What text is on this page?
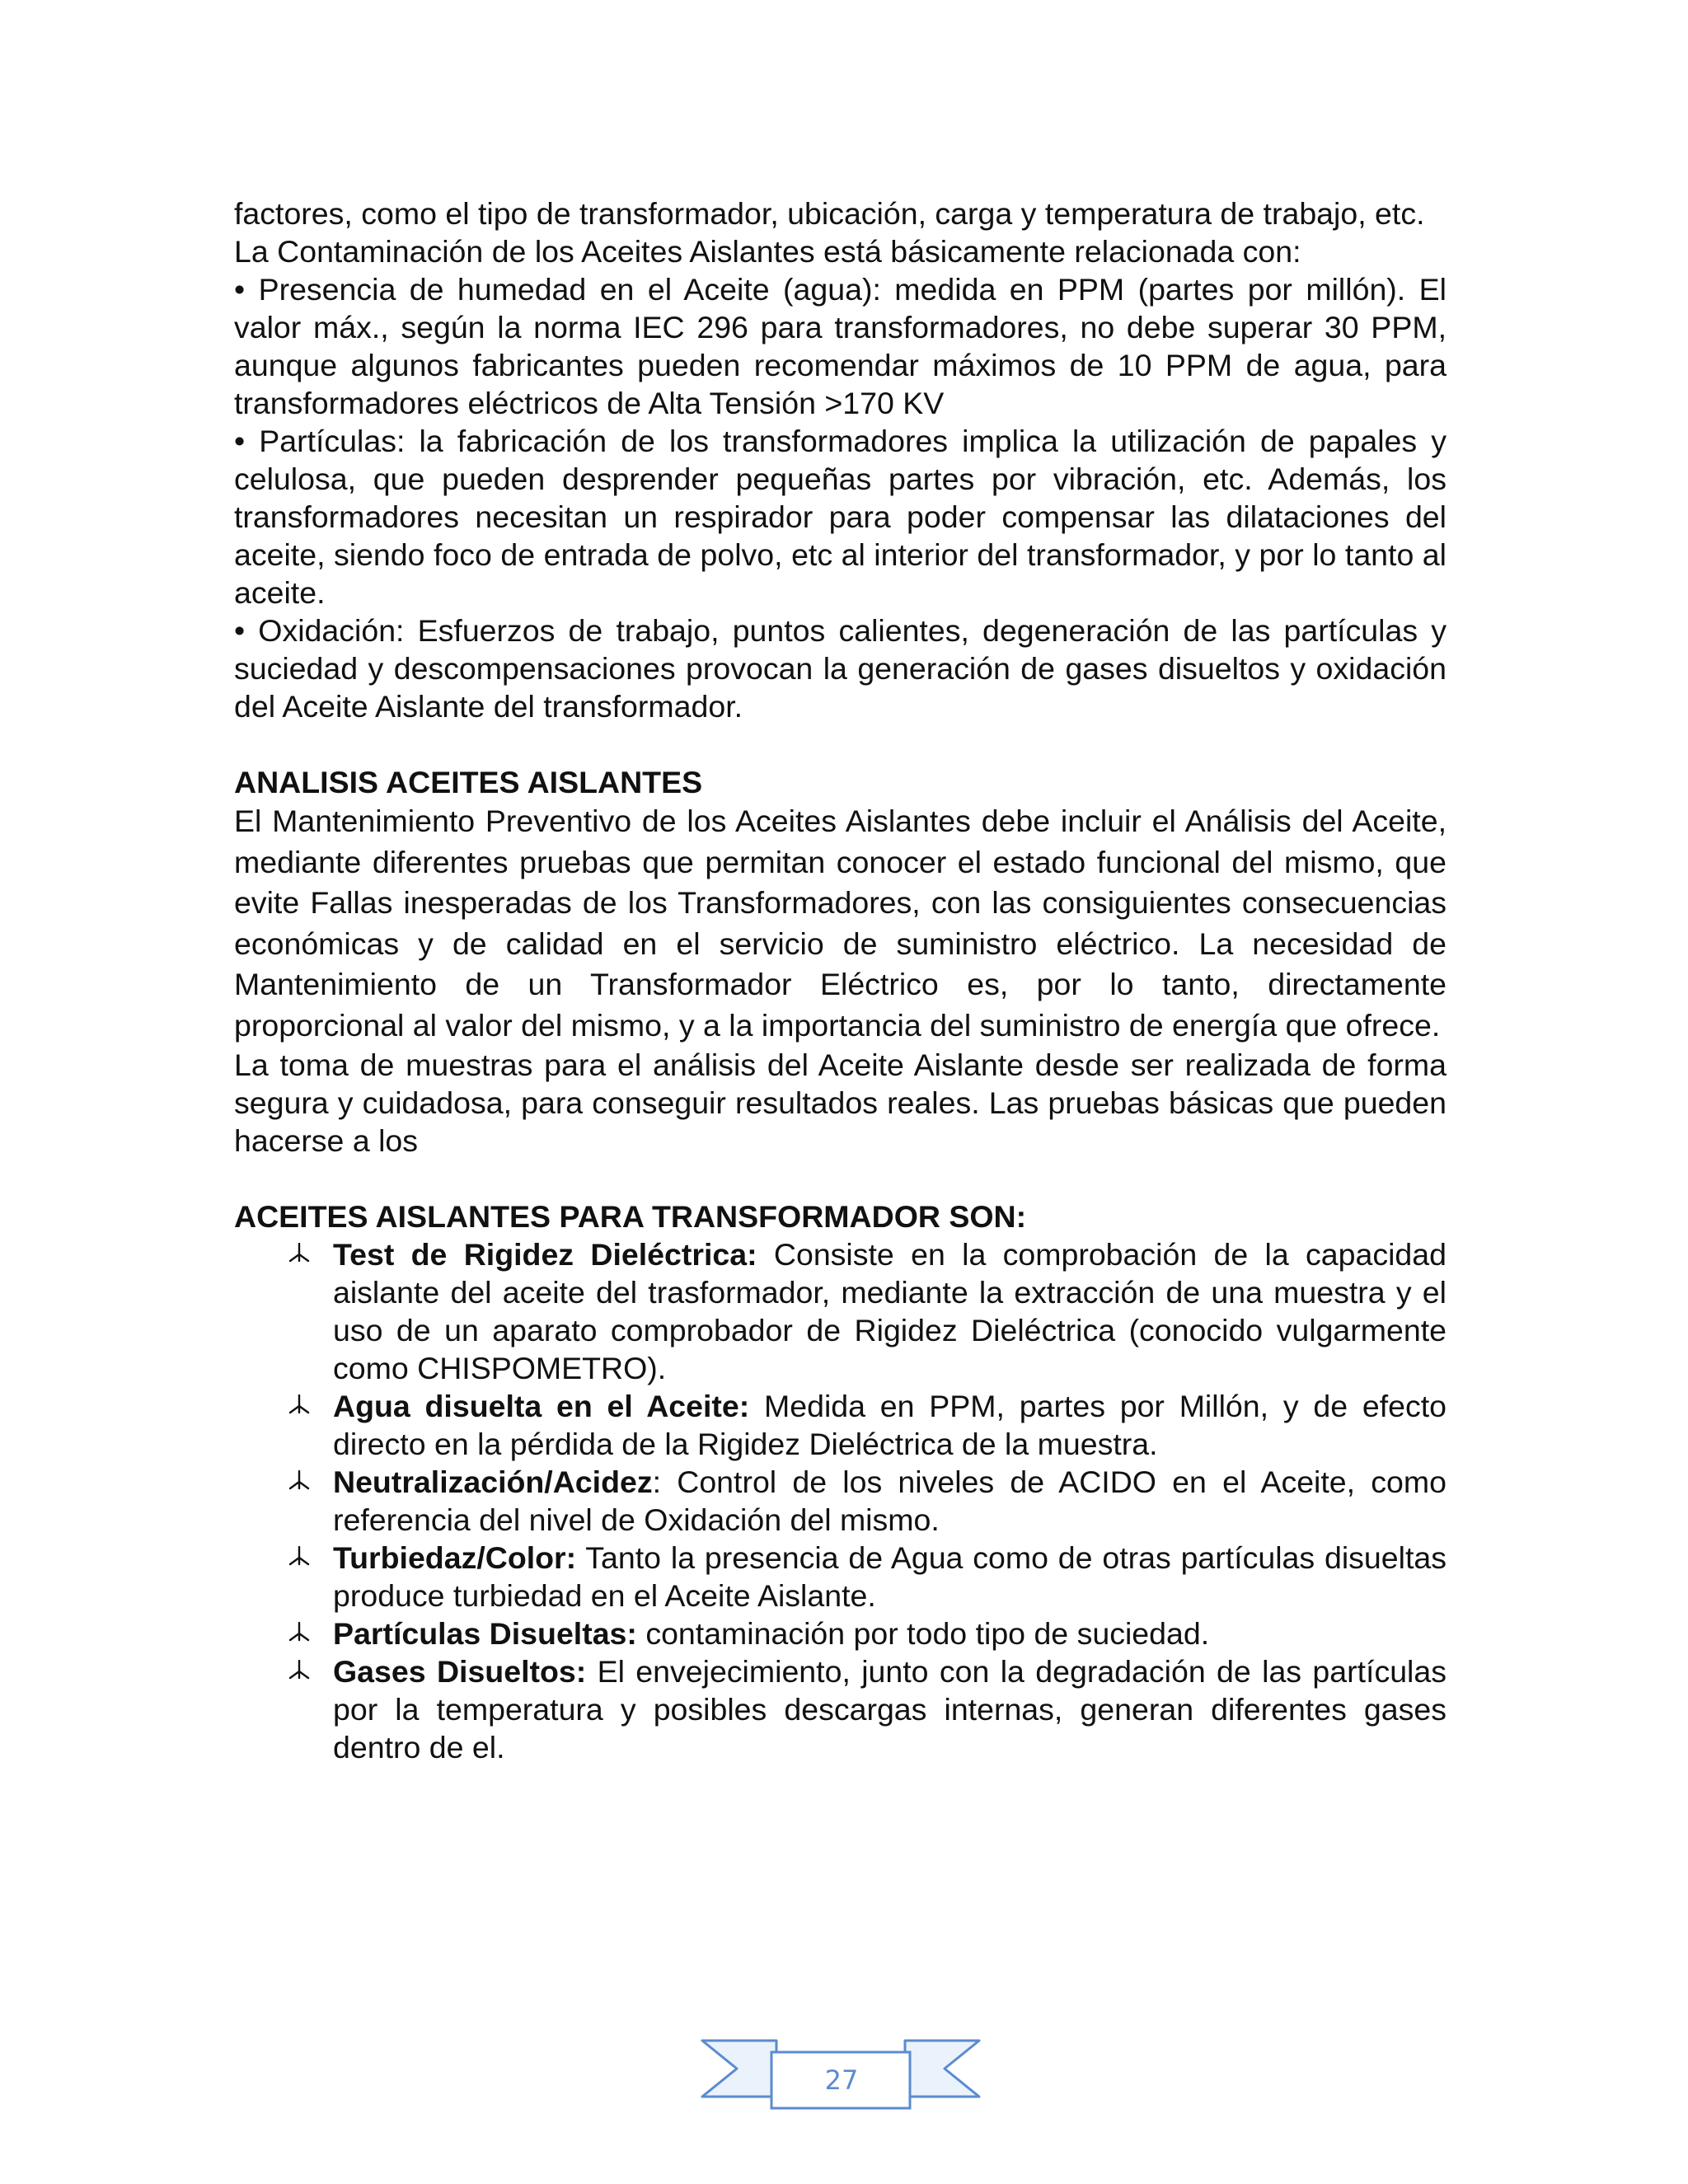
factores, como el tipo de transformador, ubicación, carga y temperatura de trabajo, etc.

La Contaminación de los Aceites Aislantes está básicamente relacionada con:

• Presencia de humedad en el Aceite (agua): medida en PPM (partes por millón). El valor máx., según la norma IEC 296 para transformadores, no debe superar 30 PPM, aunque algunos fabricantes pueden recomendar máximos de 10 PPM de agua, para transformadores eléctricos de Alta Tensión >170 KV

• Partículas: la fabricación de los transformadores implica la utilización de papales y celulosa, que pueden desprender pequeñas partes por vibración, etc. Además, los transformadores necesitan un respirador para poder compensar las dilataciones del aceite, siendo foco de entrada de polvo, etc al interior del transformador, y por lo tanto al aceite.

• Oxidación: Esfuerzos de trabajo, puntos calientes, degeneración de las partículas y suciedad y descompensaciones provocan la generación de gases disueltos y oxidación del Aceite Aislante del transformador.

ANALISIS ACEITES AISLANTES

El Mantenimiento Preventivo de los Aceites Aislantes debe incluir el Análisis del Aceite, mediante diferentes pruebas que permitan conocer el estado funcional del mismo, que evite Fallas inesperadas de los Transformadores, con las consiguientes consecuencias económicas y de calidad en el servicio de suministro eléctrico. La necesidad de Mantenimiento de un Transformador Eléctrico es, por lo tanto, directamente proporcional al valor del mismo, y a la importancia del suministro de energía que ofrece.

La toma de muestras para el análisis del Aceite Aislante desde ser realizada de forma segura y cuidadosa, para conseguir resultados reales. Las pruebas básicas que pueden hacerse a los

ACEITES AISLANTES PARA TRANSFORMADOR SON:
Test de Rigidez Dieléctrica: Consiste en la comprobación de la capacidad aislante del aceite del trasformador, mediante la extracción de una muestra y el uso de un aparato comprobador de Rigidez Dieléctrica (conocido vulgarmente como CHISPOMETRO).
Agua disuelta en el Aceite: Medida en PPM, partes por Millón, y de efecto directo en la pérdida de la Rigidez Dieléctrica de la muestra.
Neutralización/Acidez: Control de los niveles de ACIDO en el Aceite, como referencia del nivel de Oxidación del mismo.
Turbiedaz/Color: Tanto la presencia de Agua como de otras partículas disueltas produce turbiedad en el Aceite Aislante.
Partículas Disueltas: contaminación por todo tipo de suciedad.
Gases Disueltos: El envejecimiento, junto con la degradación de las partículas por la temperatura y posibles descargas internas, generan diferentes gases dentro de el.
27
